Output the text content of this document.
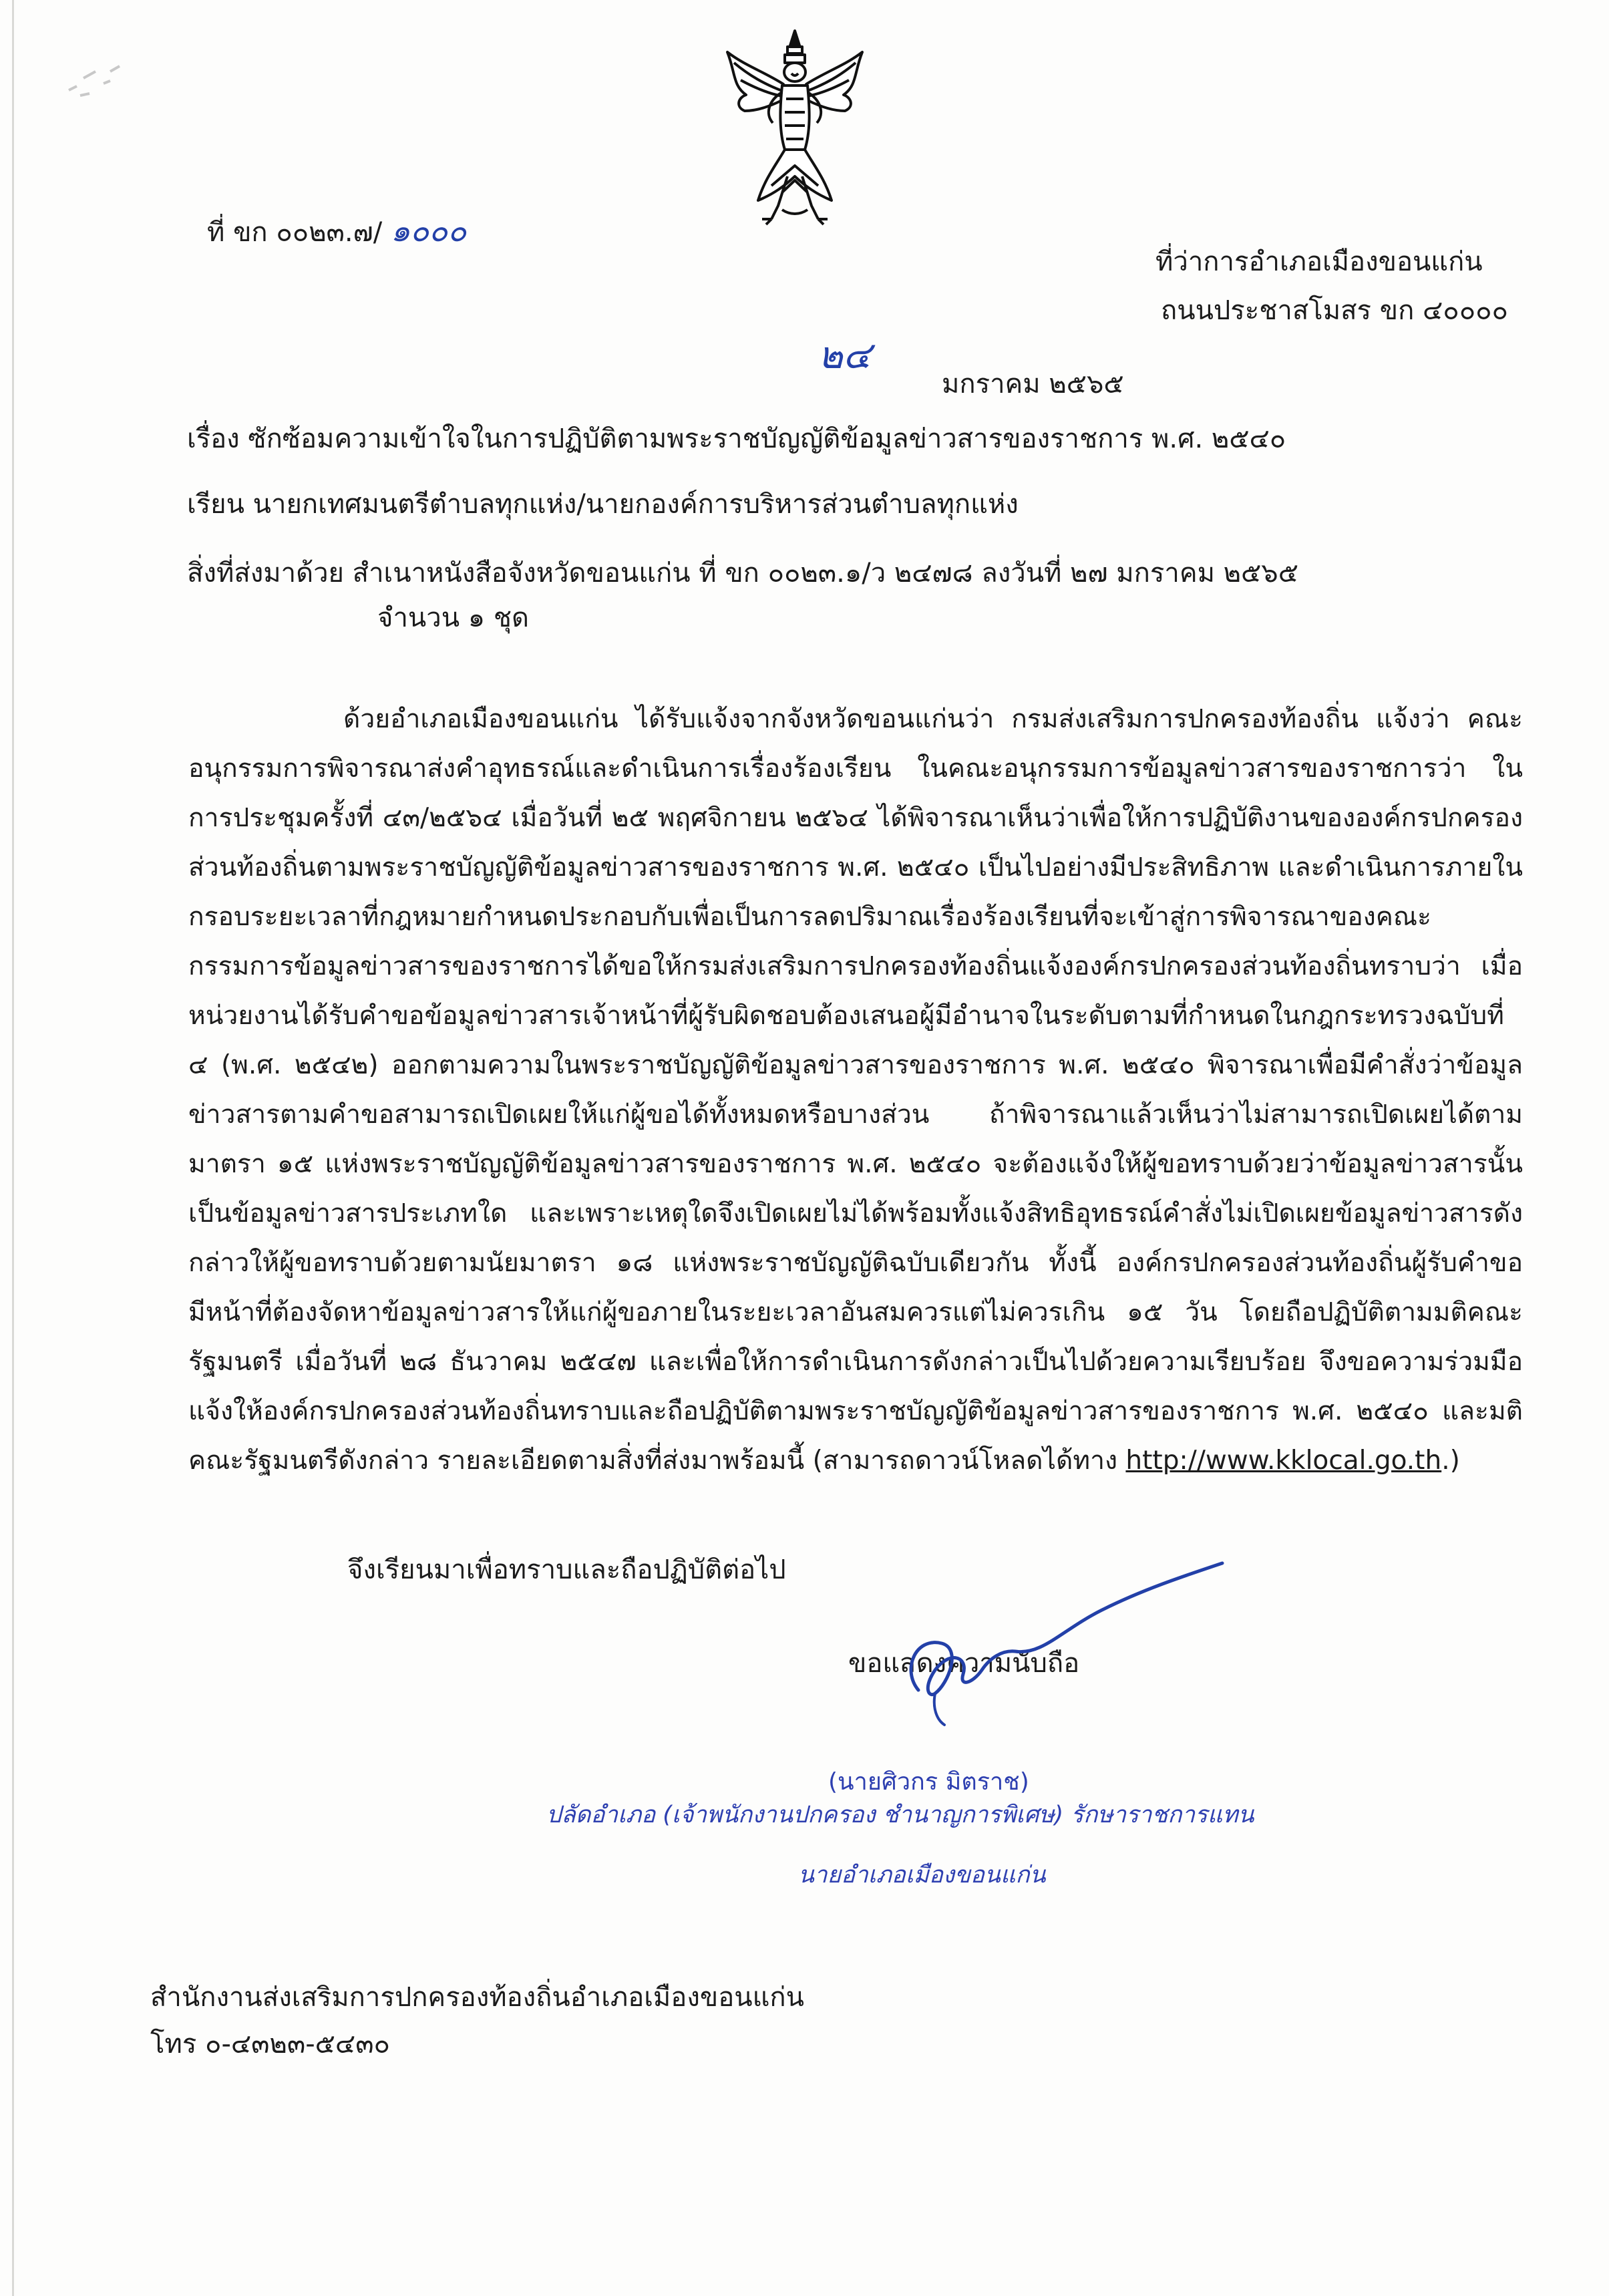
ที่ ขก ๐๐๒๓.๗/ ๑๐๐๐
ที่ว่าการอำเภอเมืองขอนแก่น
ถนนประชาสโมสร ขก ๔๐๐๐๐
๒๔
มกราคม ๒๕๖๕
เรื่อง ซักซ้อมความเข้าใจในการปฏิบัติตามพระราชบัญญัติข้อมูลข่าวสารของราชการ พ.ศ. ๒๕๔๐
เรียน นายกเทศมนตรีตำบลทุกแห่ง/นายกองค์การบริหารส่วนตำบลทุกแห่ง
สิ่งที่ส่งมาด้วย สำเนาหนังสือจังหวัดขอนแก่น ที่ ขก ๐๐๒๓.๑/ว ๒๔๗๘ ลงวันที่ ๒๗ มกราคม ๒๕๖๕
จำนวน ๑ ชุด

ด้วยอำเภอเมืองขอนแก่น ได้รับแจ้งจากจังหวัดขอนแก่นว่า กรมส่งเสริมการปกครองท้องถิ่น แจ้งว่า คณะอนุกรรมการพิจารณาส่งคำอุทธรณ์และดำเนินการเรื่องร้องเรียน ในคณะอนุกรรมการข้อมูลข่าวสารของราชการว่า ในการประชุมครั้งที่ ๔๓/๒๕๖๔ เมื่อวันที่ ๒๕ พฤศจิกายน ๒๕๖๔ ได้พิจารณาเห็นว่าเพื่อให้การปฏิบัติงานขององค์กรปกครองส่วนท้องถิ่นตามพระราชบัญญัติข้อมูลข่าวสารของราชการ พ.ศ. ๒๕๔๐ เป็นไปอย่างมีประสิทธิภาพ และดำเนินการภายในกรอบระยะเวลาที่กฎหมายกำหนดประกอบกับเพื่อเป็นการลดปริมาณเรื่องร้องเรียนที่จะเข้าสู่การพิจารณาของคณะกรรมการข้อมูลข่าวสารของราชการได้ขอให้กรมส่งเสริมการปกครองท้องถิ่นแจ้งองค์กรปกครองส่วนท้องถิ่นทราบว่า เมื่อหน่วยงานได้รับคำขอข้อมูลข่าวสารเจ้าหน้าที่ผู้รับผิดชอบต้องเสนอผู้มีอำนาจในระดับตามที่กำหนดในกฎกระทรวงฉบับที่ ๔ (พ.ศ. ๒๕๔๒) ออกตามความในพระราชบัญญัติข้อมูลข่าวสารของราชการ พ.ศ. ๒๕๔๐ พิจารณาเพื่อมีคำสั่งว่าข้อมูลข่าวสารตามคำขอสามารถเปิดเผยให้แก่ผู้ขอได้ทั้งหมดหรือบางส่วน ถ้าพิจารณาแล้วเห็นว่าไม่สามารถเปิดเผยได้ตามมาตรา ๑๕ แห่งพระราชบัญญัติข้อมูลข่าวสารของราชการ พ.ศ. ๒๕๔๐ จะต้องแจ้งให้ผู้ขอทราบด้วยว่าข้อมูลข่าวสารนั้นเป็นข้อมูลข่าวสารประเภทใด และเพราะเหตุใดจึงเปิดเผยไม่ได้พร้อมทั้งแจ้งสิทธิอุทธรณ์คำสั่งไม่เปิดเผยข้อมูลข่าวสารดังกล่าวให้ผู้ขอทราบด้วยตามนัยมาตรา ๑๘ แห่งพระราชบัญญัติฉบับเดียวกัน ทั้งนี้ องค์กรปกครองส่วนท้องถิ่นผู้รับคำขอมีหน้าที่ต้องจัดหาข้อมูลข่าวสารให้แก่ผู้ขอภายในระยะเวลาอันสมควรแต่ไม่ควรเกิน ๑๕ วัน โดยถือปฏิบัติตามมติคณะรัฐมนตรี เมื่อวันที่ ๒๘ ธันวาคม ๒๕๔๗ และเพื่อให้การดำเนินการดังกล่าวเป็นไปด้วยความเรียบร้อย จึงขอความร่วมมือแจ้งให้องค์กรปกครองส่วนท้องถิ่นทราบและถือปฏิบัติตามพระราชบัญญัติข้อมูลข่าวสารของราชการ พ.ศ. ๒๕๔๐ และมติคณะรัฐมนตรีดังกล่าว รายละเอียดตามสิ่งที่ส่งมาพร้อมนี้ (สามารถดาวน์โหลดได้ทาง http://www.kklocal.go.th.)

จึงเรียนมาเพื่อทราบและถือปฏิบัติต่อไป
ขอแสดงความนับถือ
(นายศิวกร มิตราช)
ปลัดอำเภอ (เจ้าพนักงานปกครอง ชำนาญการพิเศษ) รักษาราชการแทน
นายอำเภอเมืองขอนแก่น
สำนักงานส่งเสริมการปกครองท้องถิ่นอำเภอเมืองขอนแก่น
โทร ๐-๔๓๒๓-๕๔๓๐
